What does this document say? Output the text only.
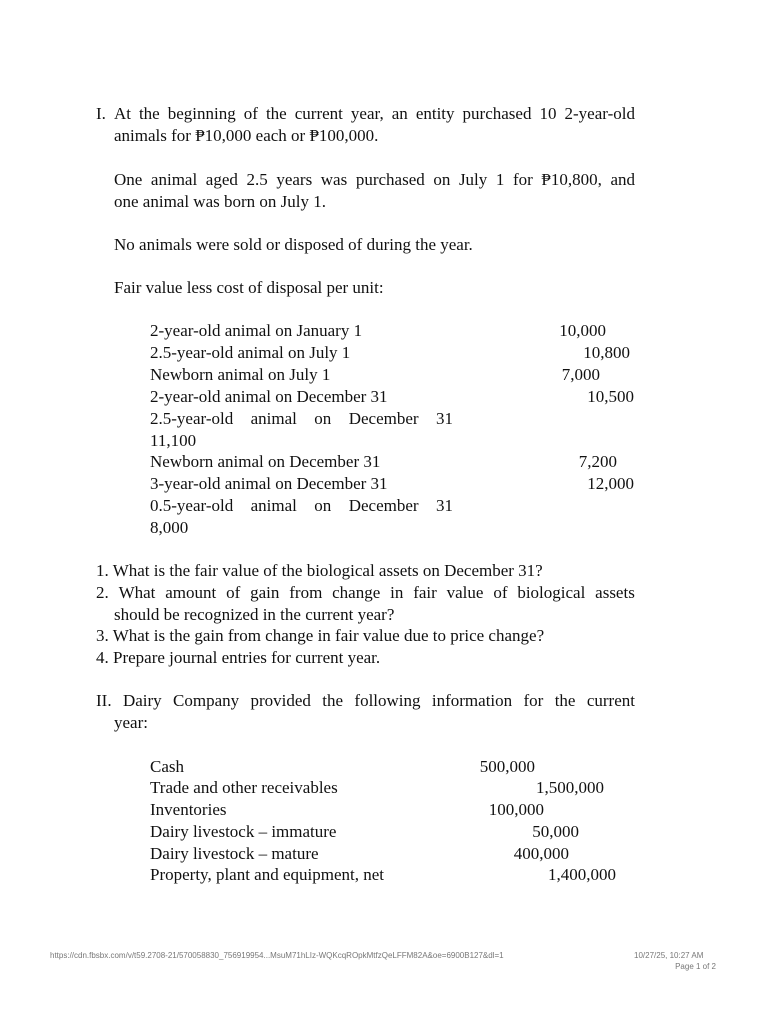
I. At the beginning of the current year, an entity purchased 10 2-year-old
animals for ₱10,000 each or ₱100,000.
One animal aged 2.5 years was purchased on July 1 for ₱10,800, and
one animal was born on July 1.
No animals were sold or disposed of during the year.
Fair value less cost of disposal per unit:
2-year-old animal on January 1	10,000
2.5-year-old animal on July 1	10,800
Newborn animal on July 1	7,000
2-year-old animal on December 31	10,500
2.5-year-old animal on December 31
11,100
Newborn animal on December 31	7,200
3-year-old animal on December 31	12,000
0.5-year-old animal on December 31
8,000
1. What is the fair value of the biological assets on December 31?
2. What amount of gain from change in fair value of biological assets
should be recognized in the current year?
3. What is the gain from change in fair value due to price change?
4. Prepare journal entries for current year.
II. Dairy Company provided the following information for the current
year:
Cash	500,000
Trade and other receivables	1,500,000
Inventories	100,000
Dairy livestock – immature	50,000
Dairy livestock – mature	400,000
Property, plant and equipment, net	1,400,000
https://cdn.fbsbx.com/v/t59.2708-21/570058830_756919954...MsuM71hLIz-WQKcqROpkMtfzQeLFFM82A&oe=6900B127&dl=1	10/27/25, 10:27 AM
Page 1 of 2
